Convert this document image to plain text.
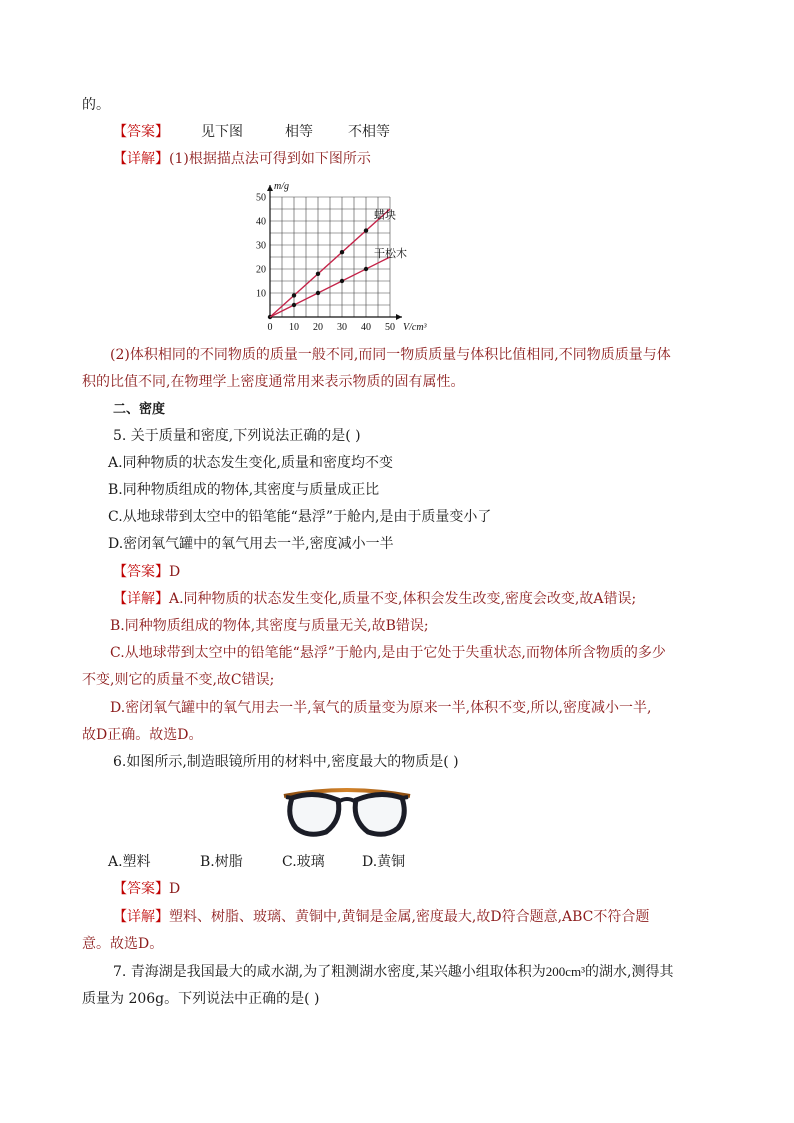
的。
【答案】 见下图	相等	不相等
【详解】(1)根据描点法可得到如下图所示
0 10 20 30 40 50
10
20
30
40
50
V/cm³
m/g
蜡块
干松木
(2)体积相同的不同物质的质量一般不同,而同一物质质量与体积比值相同,不同物质质量与体
积的比值不同,在物理学上密度通常用来表示物质的固有属性。
二、密度
5. 关于质量和密度,下列说法正确的是( )
A.同种物质的状态发生变化,质量和密度均不变
B.同种物质组成的物体,其密度与质量成正比
C.从地球带到太空中的铅笔能“悬浮”于舱内,是由于质量变小了
D.密闭氧气罐中的氧气用去一半,密度减小一半
【答案】D
【详解】A.同种物质的状态发生变化,质量不变,体积会发生改变,密度会改变,故A错误;
B.同种物质组成的物体,其密度与质量无关,故B错误;
C.从地球带到太空中的铅笔能“悬浮”于舱内,是由于它处于失重状态,而物体所含物质的多少
不变,则它的质量不变,故C错误;
D.密闭氧气罐中的氧气用去一半,氧气的质量变为原来一半,体积不变,所以,密度减小一半,
故D正确。故选D。
6.如图所示,制造眼镜所用的材料中,密度最大的物质是( )
A.塑料	B.树脂	C.玻璃	D.黄铜
【答案】D
【详解】塑料、树脂、玻璃、黄铜中,黄铜是金属,密度最大,故D符合题意,ABC不符合题
意。故选D。
7. 青海湖是我国最大的咸水湖,为了粗测湖水密度,某兴趣小组取体积为200cm³的湖水,测得其
质量为 206g。下列说法中正确的是( )
